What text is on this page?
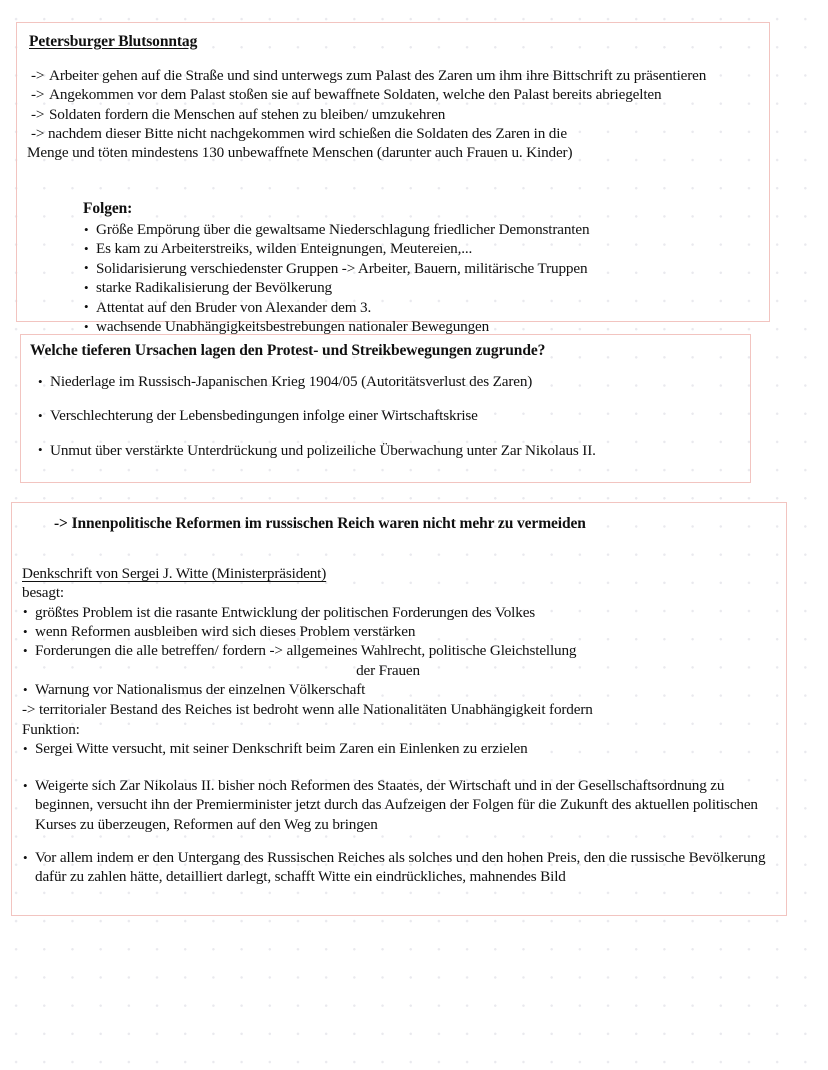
Petersburger Blutsonntag
-> Arbeiter gehen auf die Straße und sind unterwegs zum Palast des Zaren um ihm ihre Bittschrift zu präsentieren
-> Angekommen vor dem Palast stoßen sie auf bewaffnete Soldaten, welche den Palast bereits abriegelten
-> Soldaten fordern die Menschen auf stehen zu bleiben/ umzukehren
-> nachdem dieser Bitte nicht nachgekommen wird schießen die Soldaten des Zaren in die
Menge und töten mindestens 130 unbewaffnete Menschen (darunter auch Frauen u. Kinder)
Folgen:
• Größe Empörung über die gewaltsame Niederschlagung friedlicher Demonstranten
• Es kam zu Arbeiterstreiks, wilden Enteignungen, Meutereien,...
• Solidarisierung verschiedenster Gruppen -> Arbeiter, Bauern, militärische Truppen
• starke Radikalisierung der Bevölkerung
• Attentat auf den Bruder von Alexander dem 3.
• wachsende Unabhängigkeitsbestrebungen nationaler Bewegungen
Welche tieferen Ursachen lagen den Protest- und Streikbewegungen zugrunde?
• Niederlage im Russisch-Japanischen Krieg 1904/05 (Autoritätsverlust des Zaren)
• Verschlechterung der Lebensbedingungen infolge einer Wirtschaftskrise
• Unmut über verstärkte Unterdrückung und polizeiliche Überwachung unter Zar Nikolaus II.
-> Innenpolitische Reformen im russischen Reich waren nicht mehr zu vermeiden
Denkschrift von Sergei J. Witte (Ministerpräsident)
besagt:
• größtes Problem ist die rasante Entwicklung der politischen Forderungen des Volkes
• wenn Reformen ausbleiben wird sich dieses Problem verstärken
• Forderungen die alle betreffen/ fordern -> allgemeines Wahlrecht, politische Gleichstellung
der Frauen
• Warnung vor Nationalismus der einzelnen Völkerschaft
-> territorialer Bestand des Reiches ist bedroht wenn alle Nationalitäten Unabhängigkeit fordern
Funktion:
• Sergei Witte versucht, mit seiner Denkschrift beim Zaren ein Einlenken zu erzielen
• Weigerte sich Zar Nikolaus II. bisher noch Reformen des Staates, der Wirtschaft und in der Gesellschaftsordnung zu beginnen, versucht ihn der Premierminister jetzt durch das Aufzeigen der Folgen für die Zukunft des aktuellen politischen Kurses zu überzeugen, Reformen auf den Weg zu bringen
• Vor allem indem er den Untergang des Russischen Reiches als solches und den hohen Preis, den die russische Bevölkerung dafür zu zahlen hätte, detailliert darlegt, schafft Witte ein eindrückliches, mahnendes Bild
